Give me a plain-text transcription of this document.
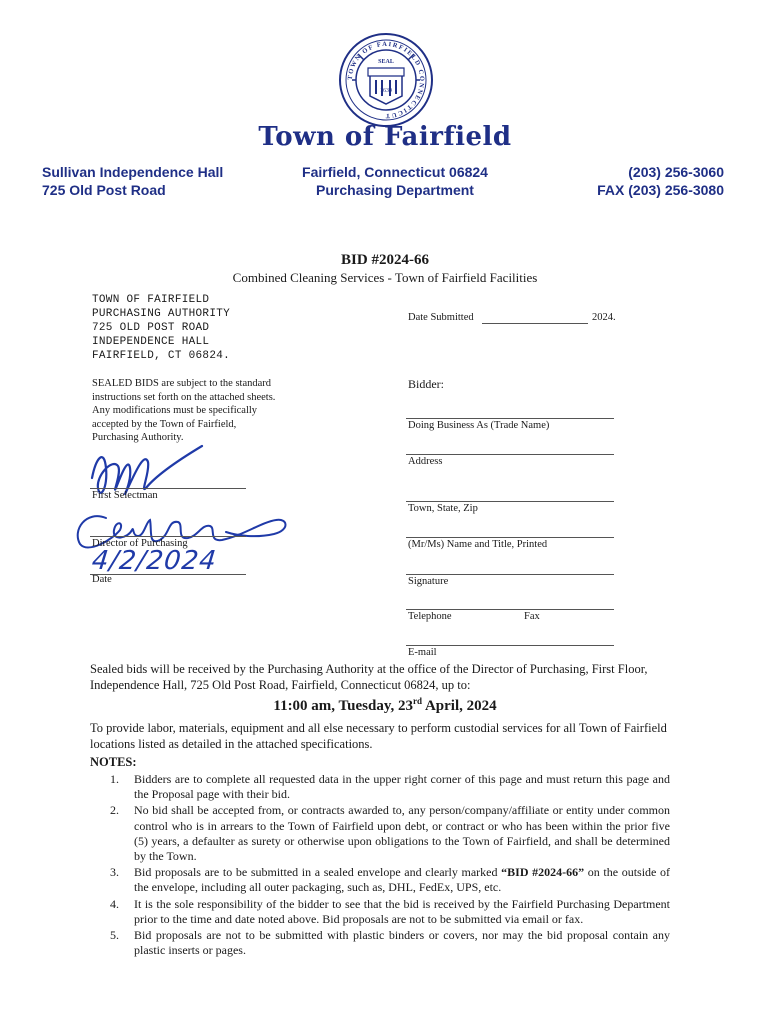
SEAL
1639
TOWN OF FAIRFIELD CONNECTICUT
Town of Fairfield
Sullivan Independence Hall
725 Old Post Road
Fairfield, Connecticut 06824
Purchasing Department
(203) 256-3060
FAX (203) 256-3080
BID #2024-66
Combined Cleaning Services - Town of Fairfield Facilities
TOWN OF FAIRFIELD
PURCHASING AUTHORITY
725 OLD POST ROAD
INDEPENDENCE HALL
FAIRFIELD, CT 06824.
SEALED BIDS are subject to the standard
instructions set forth on the attached sheets.
Any modifications must be specifically
accepted by the Town of Fairfield,
Purchasing Authority.
First Selectman
Director of Purchasing
4/2/2024
Date
Date Submitted	2024.
Bidder:
Doing Business As (Trade Name)
Address
Town, State, Zip
(Mr/Ms) Name and Title, Printed
Signature
Telephone	Fax
E-mail
Sealed bids will be received by the Purchasing Authority at the office of the Director of Purchasing, First Floor, Independence Hall, 725 Old Post Road, Fairfield, Connecticut 06824, up to:
11:00 am, Tuesday, 23rd April, 2024
To provide labor, materials, equipment and all else necessary to perform custodial services for all Town of Fairfield locations listed as detailed in the attached specifications.
NOTES:
1. Bidders are to complete all requested data in the upper right corner of this page and must return this page and the Proposal page with their bid.
2. No bid shall be accepted from, or contracts awarded to, any person/company/affiliate or entity under common control who is in arrears to the Town of Fairfield upon debt, or contract or who has been within the prior five (5) years, a defaulter as surety or otherwise upon obligations to the Town of Fairfield, and shall be determined by the Town.
3. Bid proposals are to be submitted in a sealed envelope and clearly marked “BID #2024-66” on the outside of the envelope, including all outer packaging, such as, DHL, FedEx, UPS, etc.
4. It is the sole responsibility of the bidder to see that the bid is received by the Fairfield Purchasing Department prior to the time and date noted above. Bid proposals are not to be submitted via email or fax.
5. Bid proposals are not to be submitted with plastic binders or covers, nor may the bid proposal contain any plastic inserts or pages.
